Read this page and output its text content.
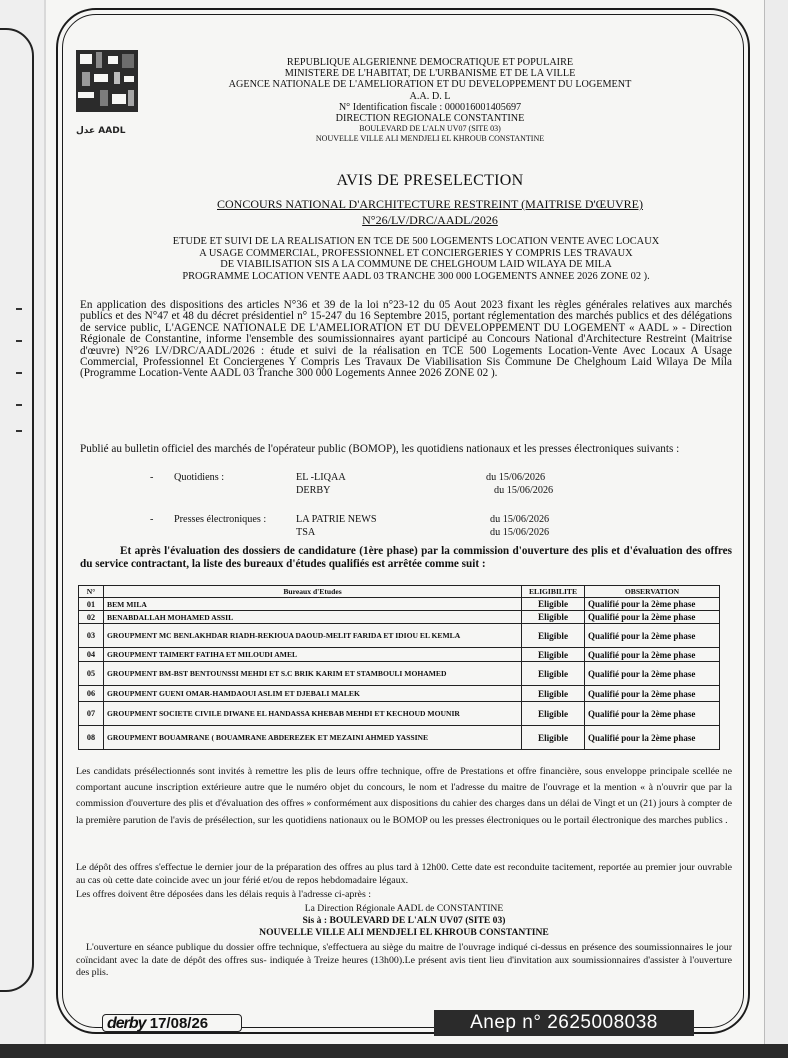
عدل AADL
REPUBLIQUE ALGERIENNE DEMOCRATIQUE ET POPULAIRE
MINISTERE DE L'HABITAT, DE L'URBANISME ET DE LA VILLE
AGENCE NATIONALE DE L'AMELIORATION ET DU DEVELOPPEMENT DU LOGEMENT
A.A. D. L
N° Identification fiscale : 000016001405697
DIRECTION REGIONALE CONSTANTINE
BOULEVARD DE L'ALN UV07 (SITE 03)
NOUVELLE VILLE ALI MENDJELI EL KHROUB CONSTANTINE
AVIS DE PRESELECTION
CONCOURS NATIONAL D'ARCHITECTURE RESTREINT (MAITRISE D'ŒUVRE)
N°26/LV/DRC/AADL/2026
ETUDE ET SUIVI DE LA REALISATION EN TCE DE 500 LOGEMENTS LOCATION VENTE AVEC LOCAUX
A USAGE COMMERCIAL, PROFESSIONNEL ET CONCIERGERIES Y COMPRIS LES TRAVAUX
DE VIABILISATION SIS A LA COMMUNE DE CHELGHOUM LAID WILAYA DE MILA
PROGRAMME LOCATION VENTE AADL 03 TRANCHE 300 000 LOGEMENTS ANNEE 2026 ZONE 02 ).
En application des dispositions des articles N°36 et 39 de la loi n°23-12 du 05 Aout 2023 fixant les règles générales relatives aux marchés publics et des N°47 et 48 du décret présidentiel n° 15-247 du 16 Septembre 2015, portant réglementation des marchés publics et des délégations de service public, L'AGENCE NATIONALE DE L'AMELIORATION ET DU DEVELOPPEMENT DU LOGEMENT « AADL » - Direction Régionale de Constantine, informe l'ensemble des soumissionnaires ayant participé au Concours National d'Architecture Restreint (Maitrise d'œuvre) N°26 LV/DRC/AADL/2026 : étude et suivi de la réalisation en TCE 500 Logements Location-Vente Avec Locaux A Usage Commercial, Professionnel Et Conciergenes Y Compris Les Travaux De Viabilisation Sis Commune De Chelghoum Laid Wilaya De Mila (Programme Location-Vente AADL 03 Tranche 300 000 Logements Annee 2026 ZONE 02 ).
Publié au bulletin officiel des marchés de l'opérateur public (BOMOP), les quotidiens nationaux et les presses électroniques suivants :
- Quotidiens :	EL -LIQAA	du 15/06/2026
DERBY	du 15/06/2026
- Presses électroniques :	LA PATRIE NEWS	du 15/06/2026
TSA	du 15/06/2026
Et après l'évaluation des dossiers de candidature (1ère phase) par la commission d'ouverture des plis et d'évaluation des offres du service contractant, la liste des bureaux d'études qualifiés est arrêtée comme suit :
N°	Bureaux d'Etudes	ELIGIBILITE	OBSERVATION
01	BEM MILA	Eligible	Qualifié pour la 2ème phase
02	BENABDALLAH MOHAMED ASSIL	Eligible	Qualifié pour la 2ème phase
03	GROUPMENT MC BENLAKHDAR RIADH-REKIOUA DAOUD-MELIT FARIDA ET IDIOU EL KEMLA	Eligible	Qualifié pour la 2ème phase
04	GROUPMENT TAIMERT FATIHA ET MILOUDI AMEL	Eligible	Qualifié pour la 2ème phase
05	GROUPMENT BM-BST BENTOUNSSI MEHDI ET S.C BRIK KARIM ET STAMBOULI MOHAMED	Eligible	Qualifié pour la 2ème phase
06	GROUPMENT GUENI OMAR-HAMDAOUI ASLIM ET DJEBALI MALEK	Eligible	Qualifié pour la 2ème phase
07	GROUPMENT SOCIETE CIVILE DIWANE EL HANDASSA KHEBAB MEHDI ET KECHOUD MOUNIR	Eligible	Qualifié pour la 2ème phase
08	GROUPMENT BOUAMRANE ( BOUAMRANE ABDEREZEK ET MEZAINI AHMED YASSINE	Eligible	Qualifié pour la 2ème phase
Les candidats présélectionnés sont invités à remettre les plis de leurs offre technique, offre de Prestations et offre financière, sous enveloppe principale scellée ne comportant aucune inscription extérieure autre que le numéro objet du concours, le nom et l'adresse du maitre de l'ouvrage et la mention « à n'ouvrir que par la commission d'ouverture des plis et d'évaluation des offres » conformément aux dispositions du cahier des charges dans un délai de Vingt et un (21) jours à compter de la première parution de l'avis de présélection, sur les quotidiens nationaux ou le BOMOP ou les presses électroniques ou le portail électronique des marches publics .
Le dépôt des offres s'effectue le dernier jour de la préparation des offres au plus tard à 12h00. Cette date est reconduite tacitement, reportée au premier jour ouvrable au cas où cette date coincide avec un jour férié et/ou de repos hebdomadaire légaux.
Les offres doivent être déposées dans les délais requis à l'adresse ci-après :
La Direction Régionale AADL de CONSTANTINE
Sis à : BOULEVARD DE L'ALN UV07 (SITE 03)
NOUVELLE VILLE ALI MENDJELI EL KHROUB CONSTANTINE
L'ouverture en séance publique du dossier offre technique, s'effectuera au siège du maitre de l'ouvrage indiqué ci-dessus en présence des soumissionnaires le jour coïncidant avec la date de dépôt des offres sus- indiquée à Treize heures (13h00).Le présent avis tient lieu d'invitation aux soumissionnaires d'assister à l'ouverture des plis.
derby 17/08/26	Anep n° 2625008038
